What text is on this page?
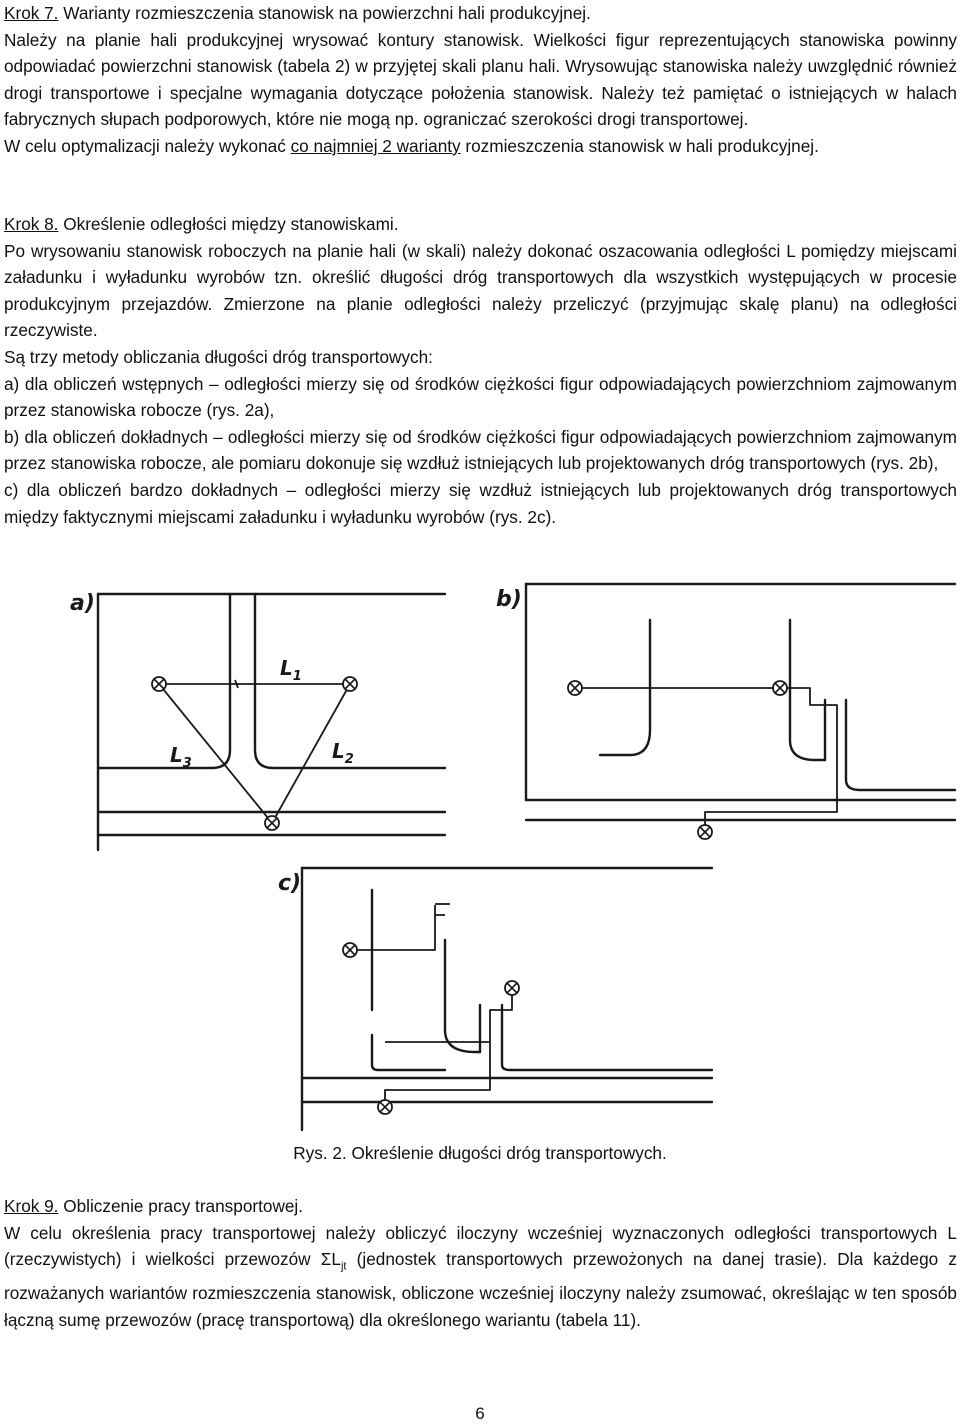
Krok 7. Warianty rozmieszczenia stanowisk na powierzchni hali produkcyjnej.

Należy na planie hali produkcyjnej wrysować kontury stanowisk. Wielkości figur reprezentujących stanowiska powinny odpowiadać powierzchni stanowisk (tabela 2) w przyjętej skali planu hali. Wrysowując stanowiska należy uwzględnić również drogi transportowe i specjalne wymagania dotyczące położenia stanowisk. Należy też pamiętać o istniejących w halach fabrycznych słupach podporowych, które nie mogą np. ograniczać szerokości drogi transportowej.

W celu optymalizacji należy wykonać co najmniej 2 warianty rozmieszczenia stanowisk w hali produkcyjnej.

Krok 8. Określenie odległości między stanowiskami.

Po wrysowaniu stanowisk roboczych na planie hali (w skali) należy dokonać oszacowania odległości L pomiędzy miejscami załadunku i wyładunku wyrobów tzn. określić długości dróg transportowych dla wszystkich występujących w procesie produkcyjnym przejazdów. Zmierzone na planie odległości należy przeliczyć (przyjmując skalę planu) na odległości rzeczywiste.

Są trzy metody obliczania długości dróg transportowych:

a) dla obliczeń wstępnych – odległości mierzy się od środków ciężkości figur odpowiadających powierzchniom zajmowanym przez stanowiska robocze (rys. 2a),

b) dla obliczeń dokładnych – odległości mierzy się od środków ciężkości figur odpowiadających powierzchniom zajmowanym przez stanowiska robocze, ale pomiaru dokonuje się wzdłuż istniejących lub projektowanych dróg transportowych (rys. 2b),

c) dla obliczeń bardzo dokładnych – odległości mierzy się wzdłuż istniejących lub projektowanych dróg transportowych między faktycznymi miejscami załadunku i wyładunku wyrobów (rys. 2c).

a)
$L_1$
$L_2$
$L_3$
b)
c)
Rys. 2. Określenie długości dróg transportowych.

Krok 9. Obliczenie pracy transportowej.

W celu określenia pracy transportowej należy obliczyć iloczyny wcześniej wyznaczonych odległości transportowych L (rzeczywistych) i wielkości przewozów $\Sigma L_{jt}$ (jednostek transportowych przewożonych na danej trasie). Dla każdego z rozważanych wariantów rozmieszczenia stanowisk, obliczone wcześniej iloczyny należy zsumować, określając w ten sposób łączną sumę przewozów (pracę transportową) dla określonego wariantu (tabela 11).

6
